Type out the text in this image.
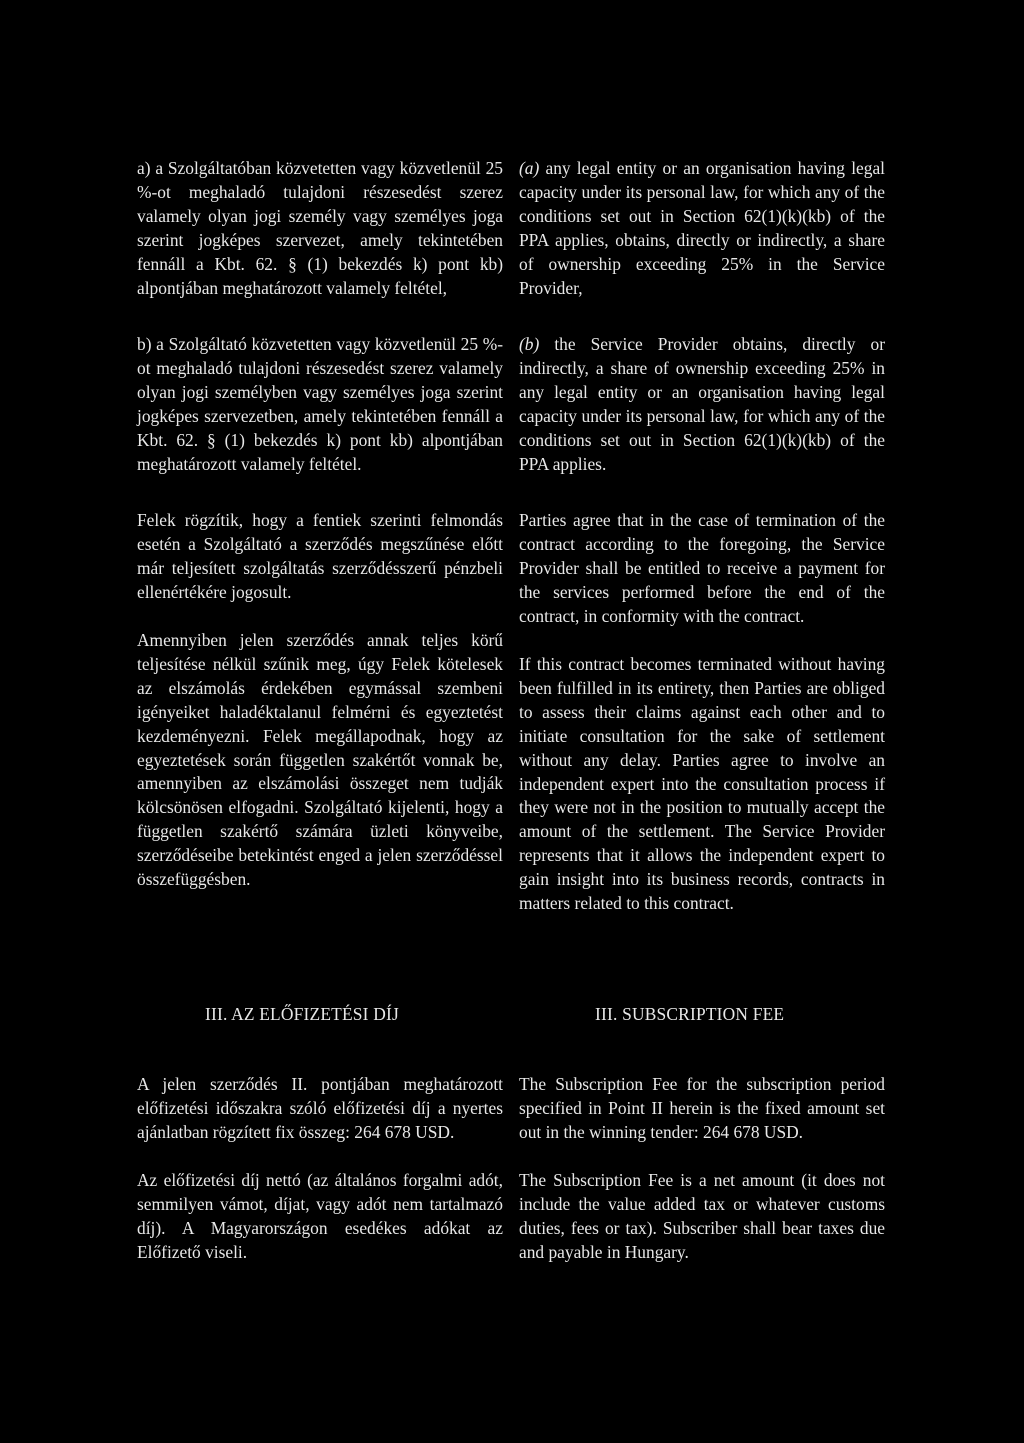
a) a Szolgáltatóban közvetetten vagy közvetlenül 25 %-ot meghaladó tulajdoni részesedést szerez valamely olyan jogi személy vagy személyes joga szerint jogképes szervezet, amely tekintetében fennáll a Kbt. 62. § (1) bekezdés k) pont kb) alpontjában meghatározott valamely feltétel,

b) a Szolgáltató közvetetten vagy közvetlenül 25 %-ot meghaladó tulajdoni részesedést szerez valamely olyan jogi személyben vagy személyes joga szerint jogképes szervezetben, amely tekintetében fennáll a Kbt. 62. § (1) bekezdés k) pont kb) alpontjában meghatározott valamely feltétel.

Felek rögzítik, hogy a fentiek szerinti felmondás esetén a Szolgáltató a szerződés megszűnése előtt már teljesített szolgáltatás szerződésszerű pénzbeli ellenértékére jogosult.

Amennyiben jelen szerződés annak teljes körű teljesítése nélkül szűnik meg, úgy Felek kötelesek az elszámolás érdekében egymással szembeni igényeiket haladéktalanul felmérni és egyeztetést kezdeményezni. Felek megállapodnak, hogy az egyeztetések során független szakértőt vonnak be, amennyiben az elszámolási összeget nem tudják kölcsönösen elfogadni. Szolgáltató kijelenti, hogy a független szakértő számára üzleti könyveibe, szerződéseibe betekintést enged a jelen szerződéssel összefüggésben.

(a) any legal entity or an organisation having legal capacity under its personal law, for which any of the conditions set out in Section 62(1)(k)(kb) of the PPA applies, obtains, directly or indirectly, a share of ownership exceeding 25% in the Service Provider,

(b) the Service Provider obtains, directly or indirectly, a share of ownership exceeding 25% in any legal entity or an organisation having legal capacity under its personal law, for which any of the conditions set out in Section 62(1)(k)(kb) of the PPA applies.

Parties agree that in the case of termination of the contract according to the foregoing, the Service Provider shall be entitled to receive a payment for the services performed before the end of the contract, in conformity with the contract.

If this contract becomes terminated without having been fulfilled in its entirety, then Parties are obliged to assess their claims against each other and to initiate consultation for the sake of settlement without any delay. Parties agree to involve an independent expert into the consultation process if they were not in the position to mutually accept the amount of the settlement. The Service Provider represents that it allows the independent expert to gain insight into its business records, contracts in matters related to this contract.

III. AZ ELŐFIZETÉSI DÍJ	III. SUBSCRIPTION FEE

A jelen szerződés II. pontjában meghatározott előfizetési időszakra szóló előfizetési díj a nyertes ajánlatban rögzített fix összeg: 264 678 USD.

Az előfizetési díj nettó (az általános forgalmi adót, semmilyen vámot, díjat, vagy adót nem tartalmazó díj). A Magyarországon esedékes adókat az Előfizető viseli.

The Subscription Fee for the subscription period specified in Point II herein is the fixed amount set out in the winning tender: 264 678 USD.

The Subscription Fee is a net amount (it does not include the value added tax or whatever customs duties, fees or tax). Subscriber shall bear taxes due and payable in Hungary.
